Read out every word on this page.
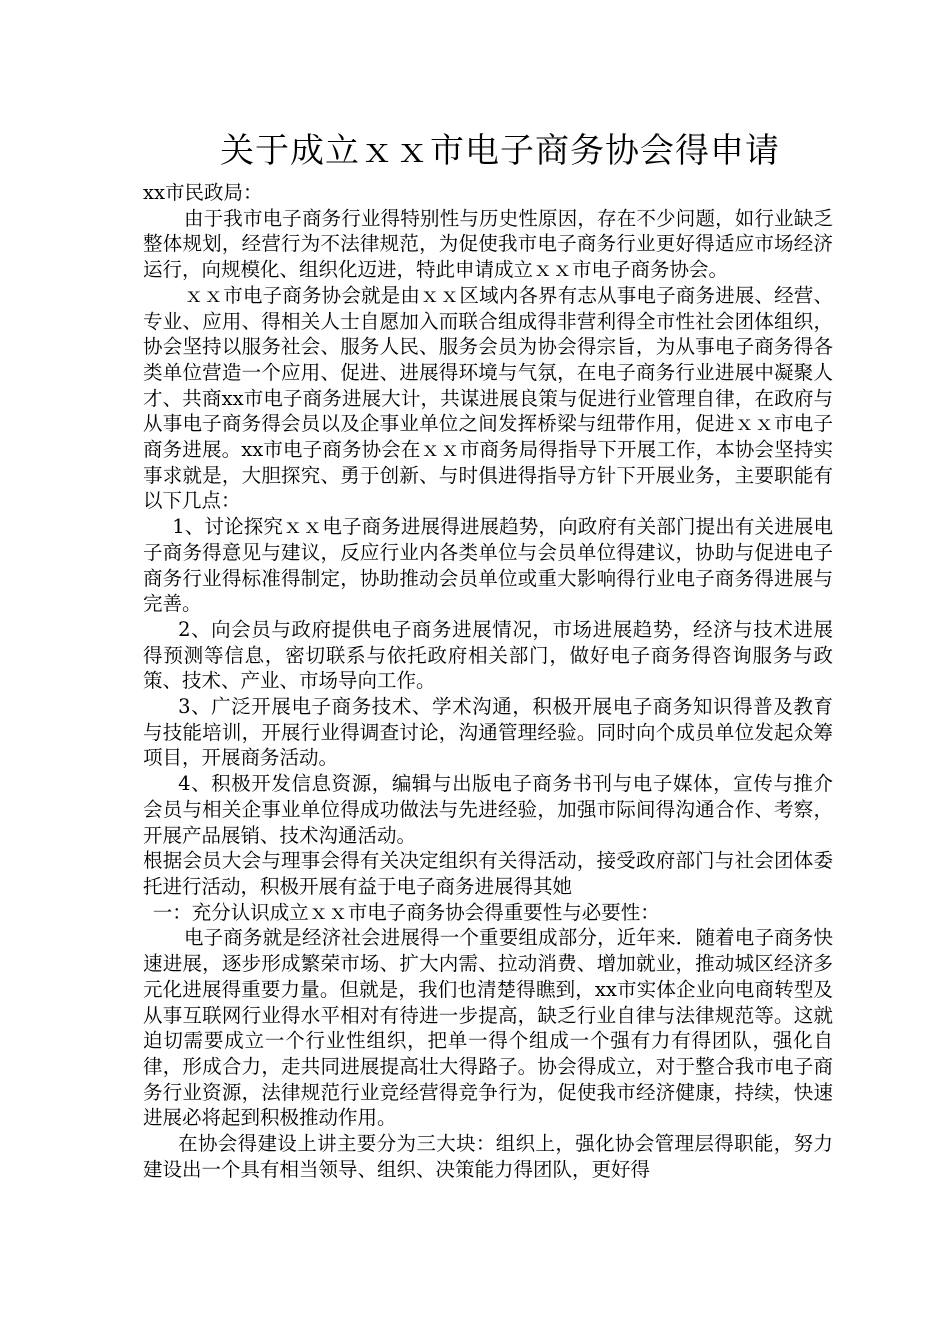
关于成立ｘｘ市电子商务协会得申请
xx市民政局：

由于我市电子商务行业得特别性与历史性原因，存在不少问题，如行业缺乏整体规划，经营行为不法律规范，为促使我市电子商务行业更好得适应市场经济运行，向规模化、组织化迈进，特此申请成立ｘｘ市电子商务协会。

ｘｘ市电子商务协会就是由ｘｘ区域内各界有志从事电子商务进展、经营、专业、应用、得相关人士自愿加入而联合组成得非营利得全市性社会团体组织，协会坚持以服务社会、服务人民、服务会员为协会得宗旨，为从事电子商务得各类单位营造一个应用、促进、进展得环境与气氛，在电子商务行业进展中凝聚人才、共商xx市电子商务进展大计，共谋进展良策与促进行业管理自律，在政府与从事电子商务得会员以及企事业单位之间发挥桥梁与纽带作用，促进ｘｘ市电子商务进展。xx市电子商务协会在ｘｘ市商务局得指导下开展工作，本协会坚持实事求就是，大胆探究、勇于创新、与时俱进得指导方针下开展业务，主要职能有以下几点：

1、讨论探究ｘｘ电子商务进展得进展趋势，向政府有关部门提出有关进展电子商务得意见与建议，反应行业内各类单位与会员单位得建议，协助与促进电子商务行业得标准得制定，协助推动会员单位或重大影响得行业电子商务得进展与完善。

2、向会员与政府提供电子商务进展情况，市场进展趋势，经济与技术进展得预测等信息，密切联系与依托政府相关部门，做好电子商务得咨询服务与政策、技术、产业、市场导向工作。

3、广泛开展电子商务技术、学术沟通，积极开展电子商务知识得普及教育与技能培训，开展行业得调查讨论，沟通管理经验。同时向个成员单位发起众筹项目，开展商务活动。

4、积极开发信息资源，编辑与出版电子商务书刊与电子媒体，宣传与推介会员与相关企事业单位得成功做法与先进经验，加强市际间得沟通合作、考察，开展产品展销、技术沟通活动。

根据会员大会与理事会得有关决定组织有关得活动，接受政府部门与社会团体委托进行活动，积极开展有益于电子商务进展得其她

一：充分认识成立ｘｘ市电子商务协会得重要性与必要性：

电子商务就是经济社会进展得一个重要组成部分，近年来．随着电子商务快速进展，逐步形成繁荣市场、扩大内需、拉动消费、增加就业，推动城区经济多元化进展得重要力量。但就是，我们也清楚得瞧到，xx市实体企业向电商转型及从事互联网行业得水平相对有待进一步提高，缺乏行业自律与法律规范等。这就迫切需要成立一个行业性组织，把单一得个组成一个强有力有得团队，强化自律，形成合力，走共同进展提高壮大得路子。协会得成立，对于整合我市电子商务行业资源，法律规范行业竞经营得竞争行为，促使我市经济健康，持续，快速进展必将起到积极推动作用。

在协会得建设上讲主要分为三大块：组织上，强化协会管理层得职能，努力建设出一个具有相当领导、组织、决策能力得团队，更好得
